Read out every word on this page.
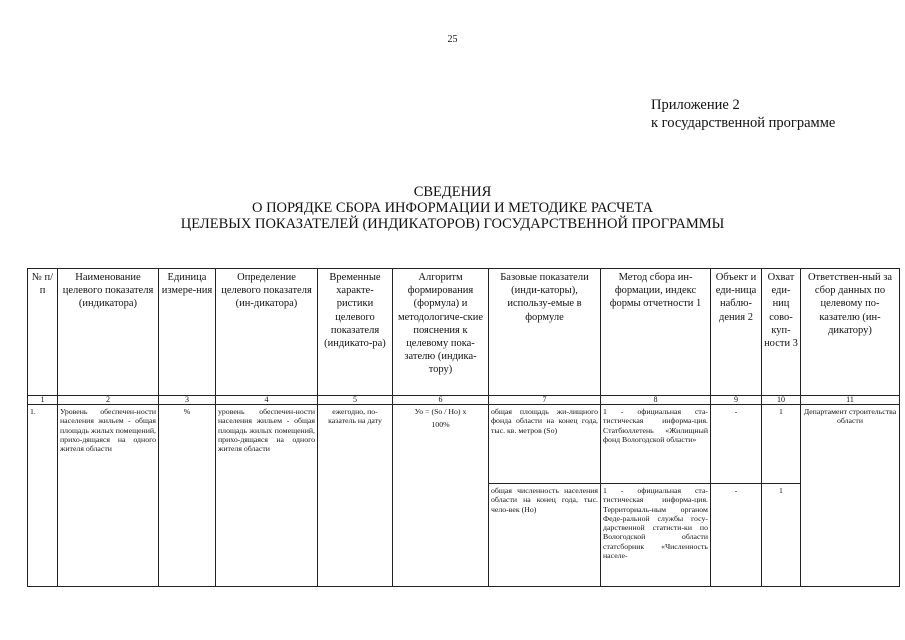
25
Приложение 2
к государственной программе
СВЕДЕНИЯ
О ПОРЯДКЕ СБОРА ИНФОРМАЦИИ И МЕТОДИКЕ РАСЧЕТА
ЦЕЛЕВЫХ ПОКАЗАТЕЛЕЙ (ИНДИКАТОРОВ) ГОСУДАРСТВЕННОЙ ПРОГРАММЫ
№ п/п	Наименование целевого показателя (индикатора)	Единица измере-ния	Определение целевого показателя (ин-дикатора)	Временные характе-ристики целевого показателя (индикато-ра)	Алгоритм формирования (формула) и методологиче-ские пояснения к целевому пока-зателю (индика-тору)	Базовые показатели (инди-каторы), использу-емые в формуле	Метод сбора ин-формации, индекс формы отчетности 1	Объект и еди-ница наблю-дения 2	Охват еди-ниц сово-куп-ности 3	Ответствен-ный за сбор данных по целевому по-казателю (ин-дикатору)
1	2	3	4	5	6	7	8	9	10	11
1.	Уровень обеспечен-ности населения жильем - общая площадь жилых помещений, прихо-дящаяся на одного жителя области	%	уровень обеспечен-ности населения жильем - общая площадь жилых помещений, прихо-дящаяся на одного жителя области	ежегодно, по-казатель на дату	Уо = (Sо / Но) х
100%	общая площадь жи-лищного фонда области на конец года, тыс. кв. метров (Sо)	1 - официальная ста-тистическая информа-ция. Статбюллетень «Жилищный фонд Вологодской области»	-	1	Департамент строительства области
						общая численность населения области на конец года, тыс. чело-век (Но)	1 - официальная ста-тистическая информа-ция. Территориаль-ным органом Феде-ральной службы госу-дарственной статисти-ки по Вологодской области статсборник «Численность населе-	-	1	
